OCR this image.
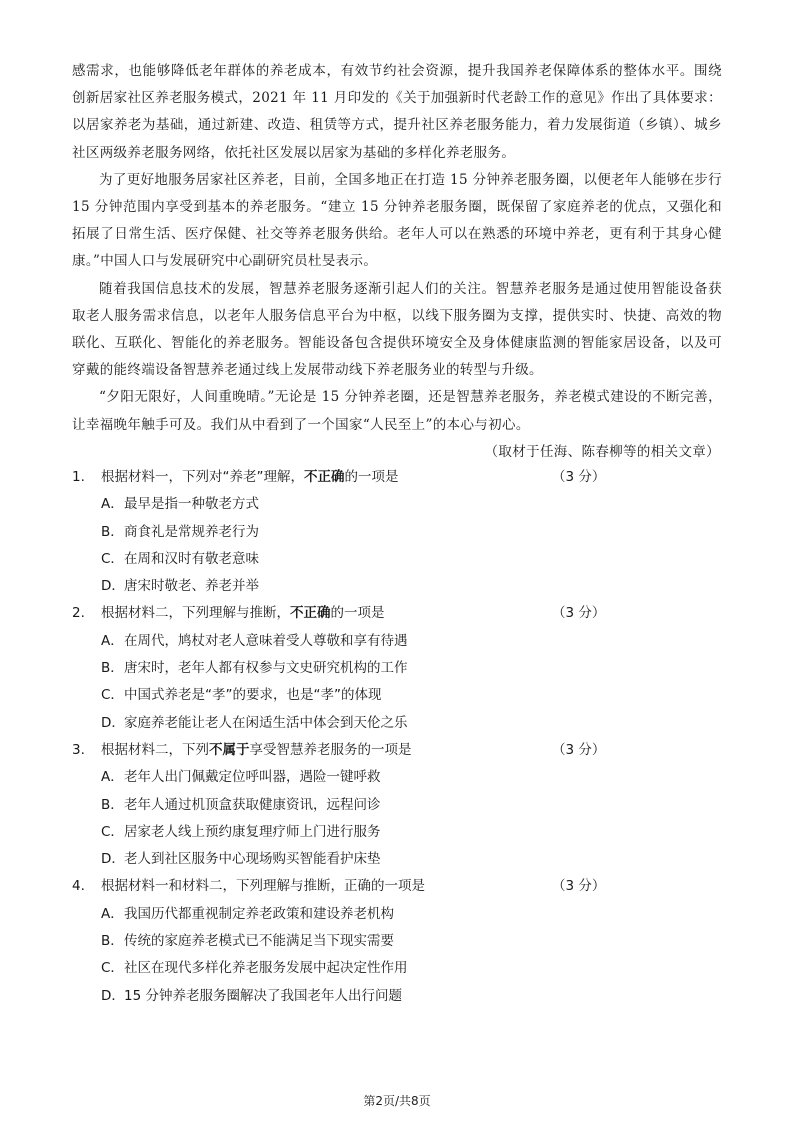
感需求，也能够降低老年群体的养老成本，有效节约社会资源，提升我国养老保障体系的整体水平。围绕创新居家社区养老服务模式，2021 年 11 月印发的《关于加强新时代老龄工作的意见》作出了具体要求：以居家养老为基础，通过新建、改造、租赁等方式，提升社区养老服务能力，着力发展街道（乡镇）、城乡社区两级养老服务网络，依托社区发展以居家为基础的多样化养老服务。

为了更好地服务居家社区养老，目前，全国多地正在打造 15 分钟养老服务圈，以便老年人能够在步行 15 分钟范围内享受到基本的养老服务。“建立 15 分钟养老服务圈，既保留了家庭养老的优点，又强化和拓展了日常生活、医疗保健、社交等养老服务供给。老年人可以在熟悉的环境中养老，更有利于其身心健康。”中国人口与发展研究中心副研究员杜旻表示。

随着我国信息技术的发展，智慧养老服务逐渐引起人们的关注。智慧养老服务是通过使用智能设备获取老人服务需求信息，以老年人服务信息平台为中枢，以线下服务圈为支撑，提供实时、快捷、高效的物联化、互联化、智能化的养老服务。智能设备包含提供环境安全及身体健康监测的智能家居设备，以及可穿戴的能终端设备智慧养老通过线上发展带动线下养老服务业的转型与升级。

“夕阳无限好，人间重晚晴。”无论是 15 分钟养老圈，还是智慧养老服务，养老模式建设的不断完善，让幸福晚年触手可及。我们从中看到了一个国家“人民至上”的本心与初心。

（取材于任海、陈春柳等的相关文章）

1. 根据材料一，下列对“养老”理解，不正确的一项是	（3 分）
A． 最早是指一种敬老方式
B． 商食礼是常规养老行为
C． 在周和汉时有敬老意味
D． 唐宋时敬老、养老并举
2. 根据材料二，下列理解与推断，不正确的一项是	（3 分）
A． 在周代，鸠杖对老人意味着受人尊敬和享有待遇
B． 唐宋时，老年人都有权参与文史研究机构的工作
C． 中国式养老是“孝”的要求，也是“孝”的体现
D． 家庭养老能让老人在闲适生活中体会到天伦之乐
3. 根据材料二，下列不属于享受智慧养老服务的一项是	（3 分）
A． 老年人出门佩戴定位呼叫器，遇险一键呼救
B． 老年人通过机顶盒获取健康资讯，远程问诊
C． 居家老人线上预约康复理疗师上门进行服务
D． 老人到社区服务中心现场购买智能看护床垫
4. 根据材料一和材料二，下列理解与推断，正确的一项是	（3 分）
A． 我国历代都重视制定养老政策和建设养老机构
B． 传统的家庭养老模式已不能满足当下现实需要
C． 社区在现代多样化养老服务发展中起决定性作用
D． 15 分钟养老服务圈解决了我国老年人出行问题
第2页/共8页
